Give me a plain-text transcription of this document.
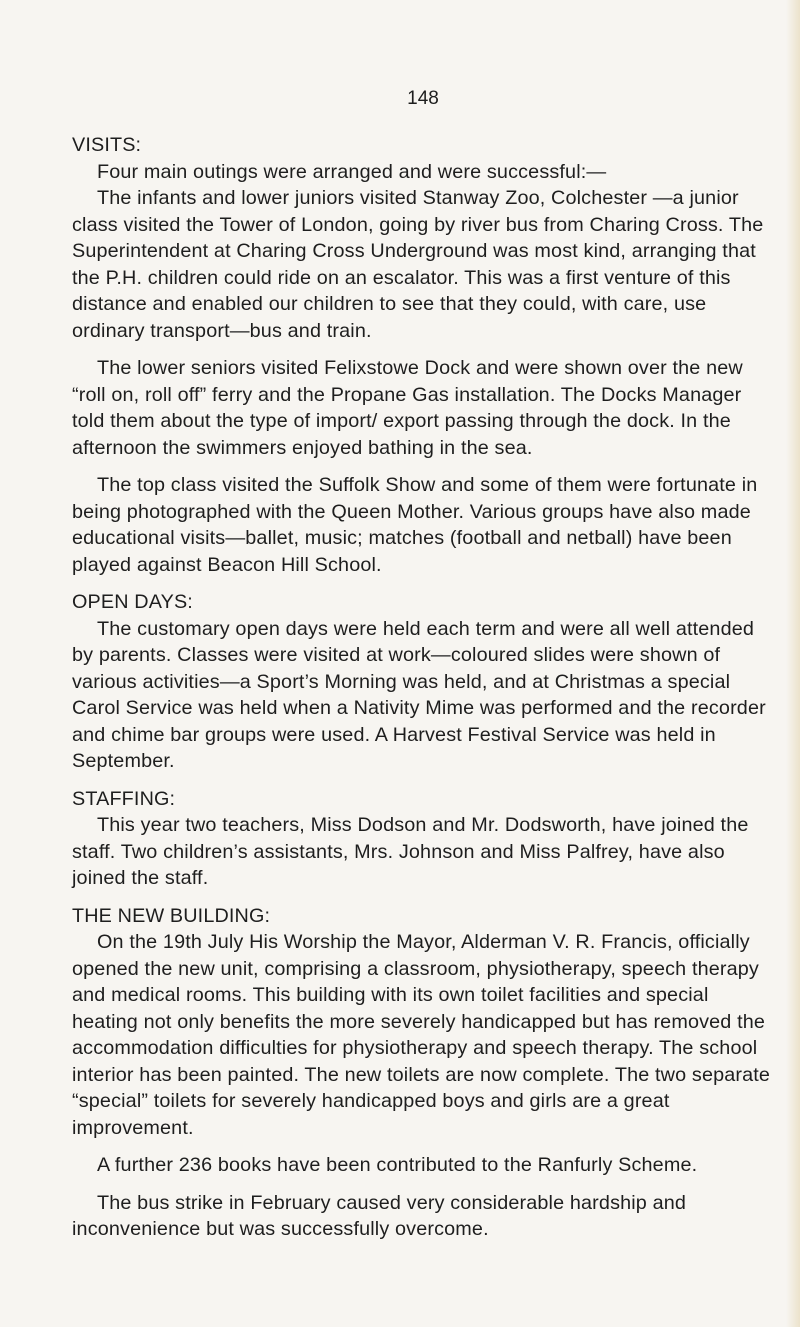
148
VISITS:

Four main outings were arranged and were successful:—

The infants and lower juniors visited Stanway Zoo, Colchester —a junior class visited the Tower of London, going by river bus from Charing Cross. The Superintendent at Charing Cross Underground was most kind, arranging that the P.H. children could ride on an escalator. This was a first venture of this distance and enabled our children to see that they could, with care, use ordinary transport—bus and train.

The lower seniors visited Felixstowe Dock and were shown over the new “roll on, roll off” ferry and the Propane Gas installation. The Docks Manager told them about the type of import/ export passing through the dock. In the afternoon the swimmers enjoyed bathing in the sea.

The top class visited the Suffolk Show and some of them were fortunate in being photographed with the Queen Mother. Various groups have also made educational visits—ballet, music; matches (football and netball) have been played against Beacon Hill School.

OPEN DAYS:

The customary open days were held each term and were all well attended by parents. Classes were visited at work—coloured slides were shown of various activities—a Sport’s Morning was held, and at Christmas a special Carol Service was held when a Nativity Mime was performed and the recorder and chime bar groups were used. A Harvest Festival Service was held in September.

STAFFING:

This year two teachers, Miss Dodson and Mr. Dodsworth, have joined the staff. Two children’s assistants, Mrs. Johnson and Miss Palfrey, have also joined the staff.

THE NEW BUILDING:

On the 19th July His Worship the Mayor, Alderman V. R. Francis, officially opened the new unit, comprising a classroom, physiotherapy, speech therapy and medical rooms. This building with its own toilet facilities and special heating not only benefits the more severely handicapped but has removed the accommodation difficulties for physiotherapy and speech therapy. The school interior has been painted. The new toilets are now complete. The two separate “special” toilets for severely handicapped boys and girls are a great improvement.

A further 236 books have been contributed to the Ranfurly Scheme.

The bus strike in February caused very considerable hardship and inconvenience but was successfully overcome.
